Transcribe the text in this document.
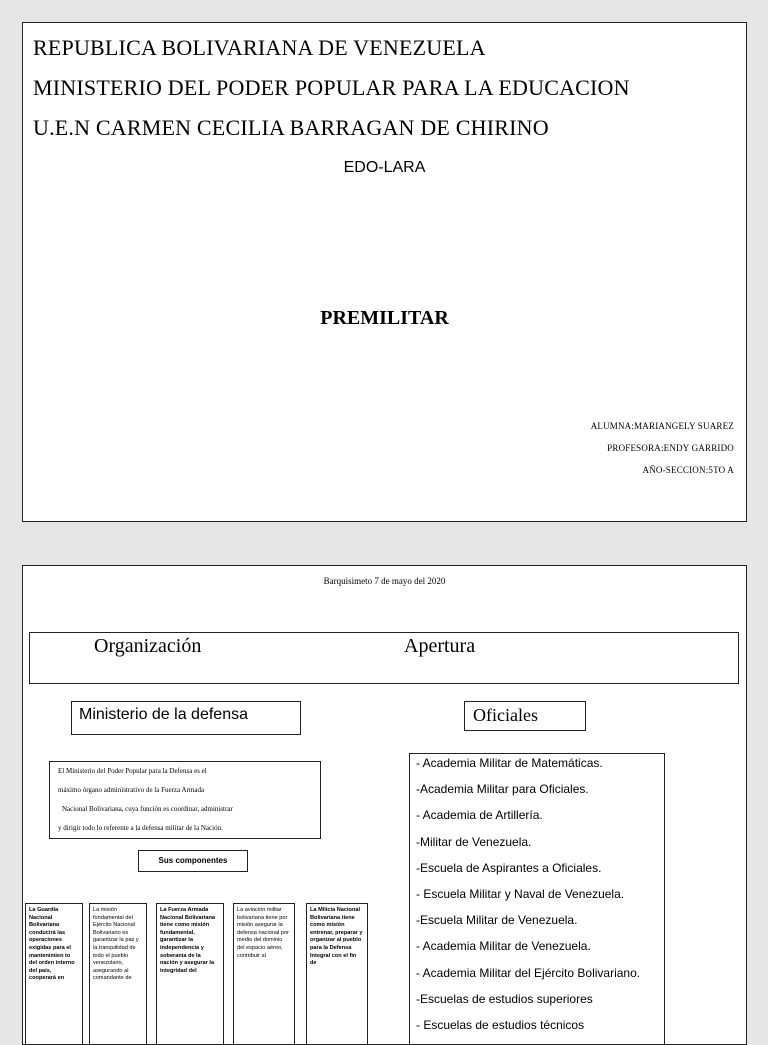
REPUBLICA BOLIVARIANA DE VENEZUELA
MINISTERIO DEL PODER POPULAR PARA LA EDUCACION
U.E.N CARMEN CECILIA BARRAGAN DE CHIRINO
EDO-LARA
PREMILITAR
ALUMNA:MARIANGELY SUAREZ
PROFESORA:ENDY GARRIDO
AÑO-SECCION:5TO A
Barquisimeto 7 de mayo del 2020
Organización	Apertura
Ministerio de la defensa	Oficiales
El Ministerio del Poder Popular para la Defensa es el
máximo órgano administrativo de la Fuerza Armada
Nacional Bolivariana, cuya función es coordinar, administrar
y dirigir todo lo referente a la defensa militar de la Nación.
Sus componentes
La Guardia Nacional Bolivariana conducirá las operaciones exigidas para el mantenimien to del orden interno del país, cooperará en
La misión fundamental del Ejército Nacional Bolivariano es garantizar la paz y la tranquilidad de todo el pueblo venezolano, asegurando al comandante de
La Fuerza Armada Nacional Bolivariana tiene como misión fundamental, garantizar la independencia y soberanía de la nación y asegurar la integridad del
La aviación militar bolivariana tiene por misión asegurar la defensa nacional por medio del dominio del espacio aéreo, contribuir al
La Milicia Nacional Bolivariana tiene como misión entrenar, preparar y organizar al pueblo para la Defensa Integral con el fin de
- Academia Militar de Matemáticas.
-Academia Militar para Oficiales.
- Academia de Artillería.
-Militar de Venezuela.
-Escuela de Aspirantes a Oficiales.
- Escuela Militar y Naval de Venezuela.
-Escuela Militar de Venezuela.
- Academia Militar de Venezuela.
- Academia Militar del Ejército Bolivariano.
-Escuelas de estudios superiores
- Escuelas de estudios técnicos
